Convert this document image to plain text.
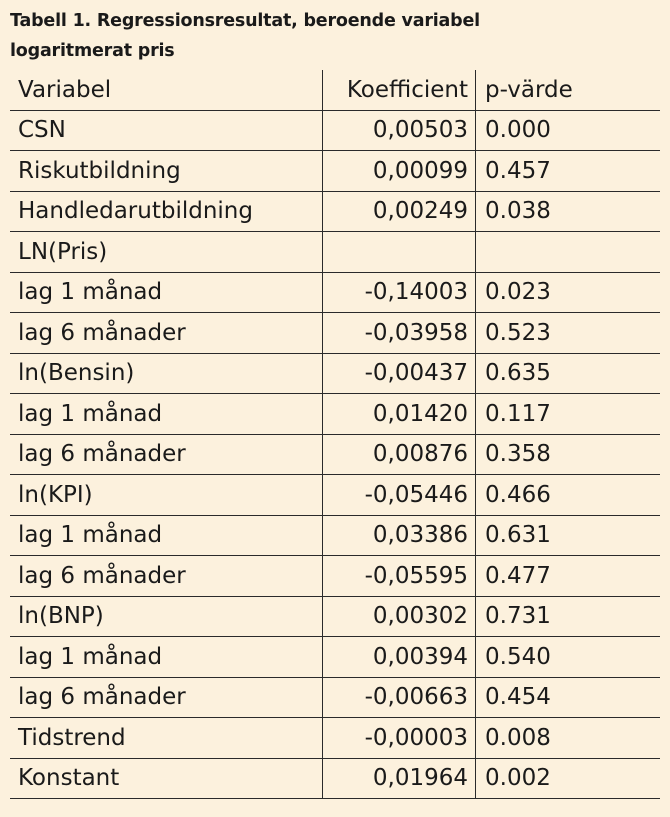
Tabell 1. Regressionsresultat, beroende variabel
logaritmerat pris
Variabel	Koefficient p-värde
CSN	0,00503 0.000
Riskutbildning	0,00099 0.457
Handledarutbildning	0,00249 0.038
LN(Pris)
lag 1 månad	-0,14003 0.023
lag 6 månader	-0,03958 0.523
ln(Bensin)	-0,00437 0.635
lag 1 månad	0,01420 0.117
lag 6 månader	0,00876 0.358
ln(KPI)	-0,05446 0.466
lag 1 månad	0,03386 0.631
lag 6 månader	-0,05595 0.477
ln(BNP)	0,00302 0.731
lag 1 månad	0,00394 0.540
lag 6 månader	-0,00663 0.454
Tidstrend	-0,00003 0.008
Konstant	0,01964 0.002
